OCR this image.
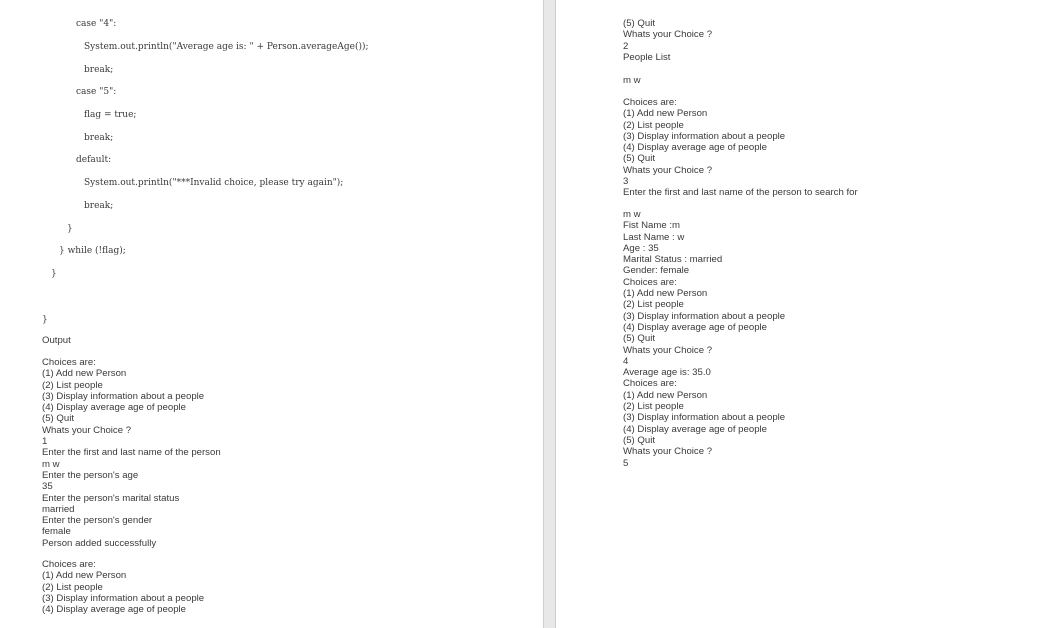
case "4":
System.out.println("Average age is: " + Person.averageAge());
break;
case "5":
flag = true;
break;
default:
System.out.println("***Invalid choice, please try again");
break;
}
} while (!flag);
}
}
Output
Choices are:
(1) Add new Person
(2) List people
(3) Display information about a people
(4) Display average age of people
(5) Quit
Whats your Choice ?
1
Enter the first and last name of the person
m w
Enter the person's age
35
Enter the person's marital status
married
Enter the person's gender
female
Person added successfully
Choices are:
(1) Add new Person
(2) List people
(3) Display information about a people
(4) Display average age of people
(5) Quit
Whats your Choice ?
2
People List
m w
Choices are:
(1) Add new Person
(2) List people
(3) Display information about a people
(4) Display average age of people
(5) Quit
Whats your Choice ?
3
Enter the first and last name of the person to search for
m w
Fist Name :m
Last Name : w
Age : 35
Marital Status : married
Gender: female
Choices are:
(1) Add new Person
(2) List people
(3) Display information about a people
(4) Display average age of people
(5) Quit
Whats your Choice ?
4
Average age is: 35.0
Choices are:
(1) Add new Person
(2) List people
(3) Display information about a people
(4) Display average age of people
(5) Quit
Whats your Choice ?
5
